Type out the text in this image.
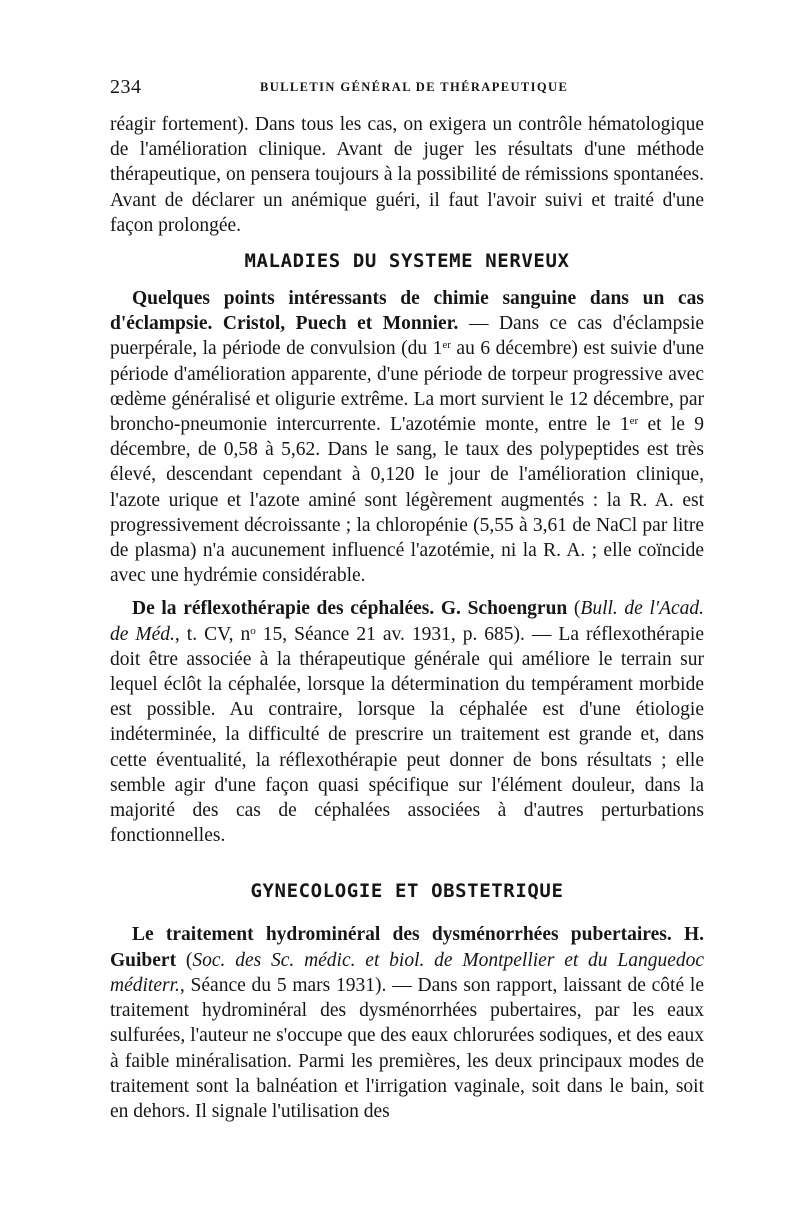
234	BULLETIN GÉNÉRAL DE THÉRAPEUTIQUE

réagir fortement). Dans tous les cas, on exigera un contrôle hématologique de l'amélioration clinique. Avant de juger les résultats d'une méthode thérapeutique, on pensera toujours à la possibilité de rémissions spontanées. Avant de déclarer un anémique guéri, il faut l'avoir suivi et traité d'une façon prolongée.

MALADIES DU SYSTEME NERVEUX

Quelques points intéressants de chimie sanguine dans un cas d'éclampsie. Cristol, Puech et Monnier. — Dans ce cas d'éclampsie puerpérale, la période de convulsion (du 1er au 6 décembre) est suivie d'une période d'amélioration apparente, d'une période de torpeur progressive avec œdème généralisé et oligurie extrême. La mort survient le 12 décembre, par broncho-pneumonie intercurrente. L'azotémie monte, entre le 1er et le 9 décembre, de 0,58 à 5,62. Dans le sang, le taux des polypeptides est très élevé, descendant cependant à 0,120 le jour de l'amélioration clinique, l'azote urique et l'azote aminé sont légèrement augmentés : la R. A. est progressivement décroissante ; la chloropénie (5,55 à 3,61 de NaCl par litre de plasma) n'a aucunement influencé l'azotémie, ni la R. A. ; elle coïncide avec une hydrémie considérable.

De la réflexothérapie des céphalées. G. Schoengrun (Bull. de l'Acad. de Méd., t. CV, $n^o$ 15, Séance 21 av. 1931, p. 685). — La réflexothérapie doit être associée à la thérapeutique générale qui améliore le terrain sur lequel éclôt la céphalée, lorsque la détermination du tempérament morbide est possible. Au contraire, lorsque la céphalée est d'une étiologie indéterminée, la difficulté de prescrire un traitement est grande et, dans cette éventualité, la réflexothérapie peut donner de bons résultats ; elle semble agir d'une façon quasi spécifique sur l'élément douleur, dans la majorité des cas de céphalées associées à d'autres perturbations fonctionnelles.

GYNECOLOGIE ET OBSTETRIQUE

Le traitement hydrominéral des dysménorrhées pubertaires. H. Guibert (Soc. des Sc. médic. et biol. de Montpellier et du Languedoc méditerr., Séance du 5 mars 1931). — Dans son rapport, laissant de côté le traitement hydrominéral des dysménorrhées pubertaires, par les eaux sulfurées, l'auteur ne s'occupe que des eaux chlorurées sodiques, et des eaux à faible minéralisation. Parmi les premières, les deux principaux modes de traitement sont la balnéation et l'irrigation vaginale, soit dans le bain, soit en dehors. Il signale l'utilisation des
